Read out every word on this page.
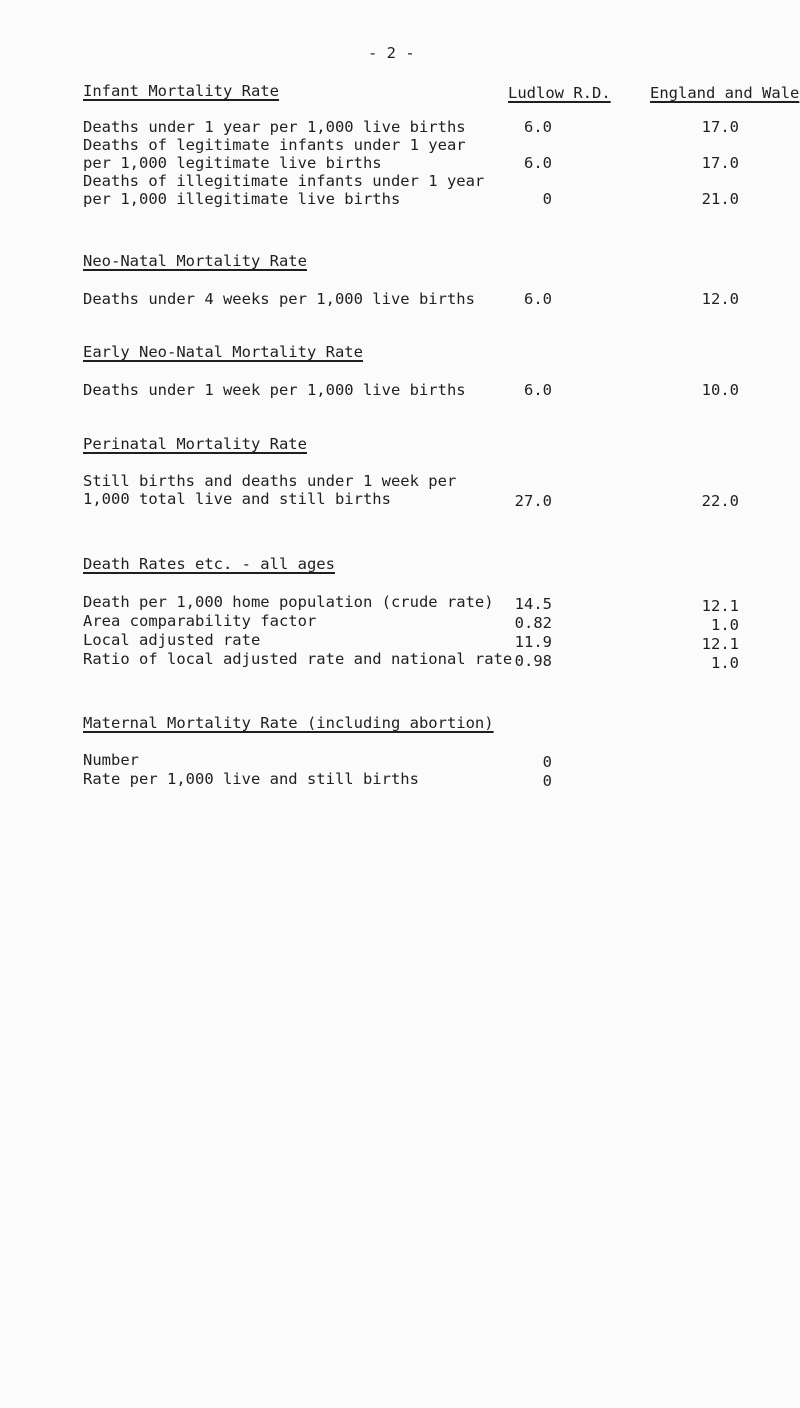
- 2 -
Infant Mortality Rate	Ludlow R.D.	England and Wale
Deaths under 1 year per 1,000 live births	6.0	17.0
Deaths of legitimate infants under 1 year
per 1,000 legitimate live births	6.0	17.0
Deaths of illegitimate infants under 1 year
per 1,000 illegitimate live births	0	21.0
Neo-Natal Mortality Rate
Deaths under 4 weeks per 1,000 live births	6.0	12.0
Early Neo-Natal Mortality Rate
Deaths under 1 week per 1,000 live births	6.0	10.0
Perinatal Mortality Rate
Still births and deaths under 1 week per
1,000 total live and still births	27.0	22.0
Death Rates etc. - all ages
Death per 1,000 home population (crude rate) 14.5	12.1
Area comparability factor	0.82	1.0
Local adjusted rate	11.9	12.1
Ratio of local adjusted rate and national rate 0.98	1.0
Maternal Mortality Rate (including abortion)
Number	0
Rate per 1,000 live and still births	0
